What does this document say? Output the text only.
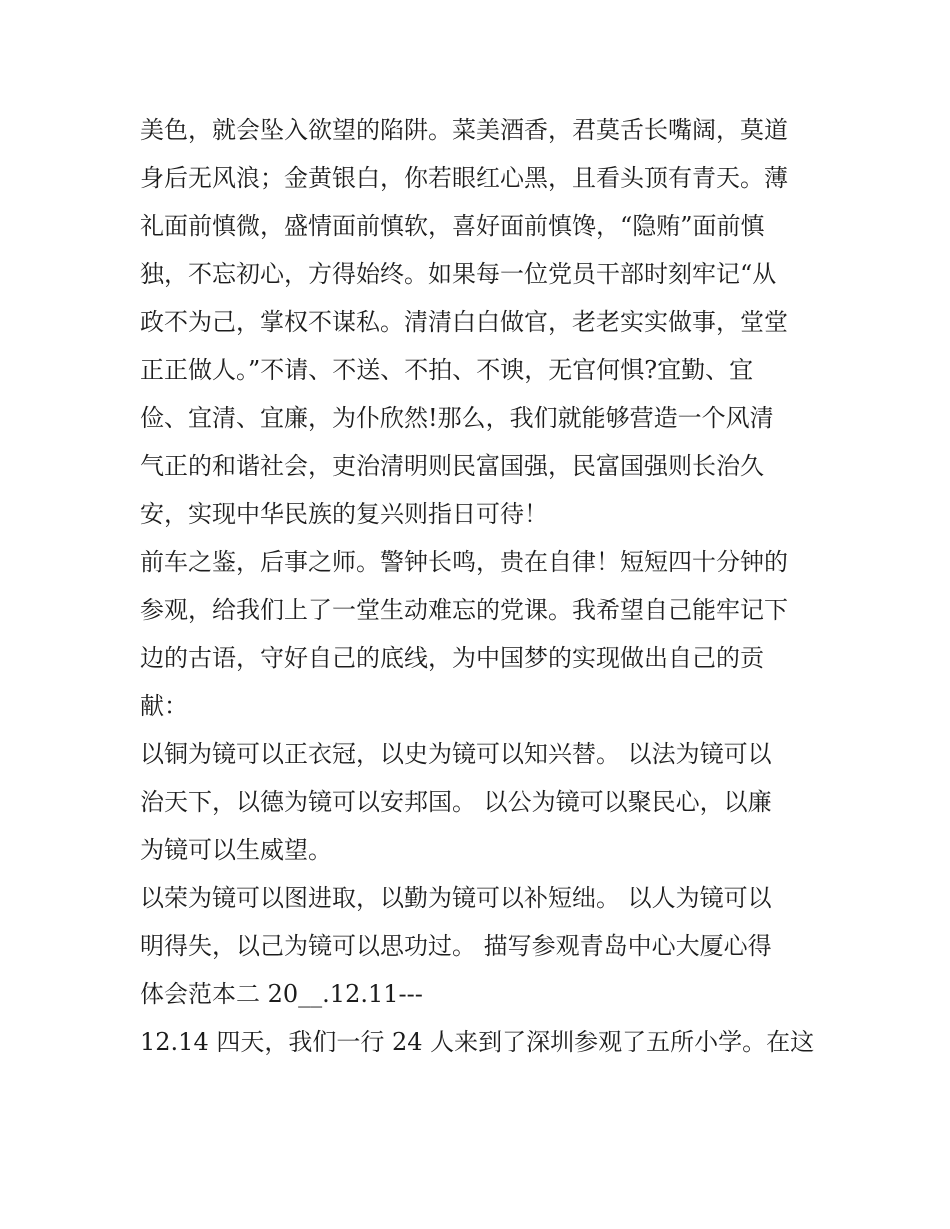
美色，就会坠入欲望的陷阱。菜美酒香，君莫舌长嘴阔，莫道
身后无风浪；金黄银白，你若眼红心黑，且看头顶有青天。薄
礼面前慎微，盛情面前慎软，喜好面前慎馋，“隐贿”面前慎
独，不忘初心，方得始终。如果每一位党员干部时刻牢记“从
政不为己，掌权不谋私。清清白白做官，老老实实做事，堂堂
正正做人。”不请、不送、不拍、不谀，无官何惧?宜勤、宜
俭、宜清、宜廉，为仆欣然!那么，我们就能够营造一个风清
气正的和谐社会，吏治清明则民富国强，民富国强则长治久
安，实现中华民族的复兴则指日可待！
前车之鉴，后事之师。警钟长鸣，贵在自律！短短四十分钟的
参观，给我们上了一堂生动难忘的党课。我希望自己能牢记下
边的古语，守好自己的底线，为中国梦的实现做出自己的贡
献：
以铜为镜可以正衣冠，以史为镜可以知兴替。 以法为镜可以
治天下，以德为镜可以安邦国。 以公为镜可以聚民心，以廉
为镜可以生威望。
以荣为镜可以图进取，以勤为镜可以补短绌。 以人为镜可以
明得失，以己为镜可以思功过。 描写参观青岛中心大厦心得
体会范本二 20__.12.11---
12.14 四天，我们一行 24 人来到了深圳参观了五所小学。在这
